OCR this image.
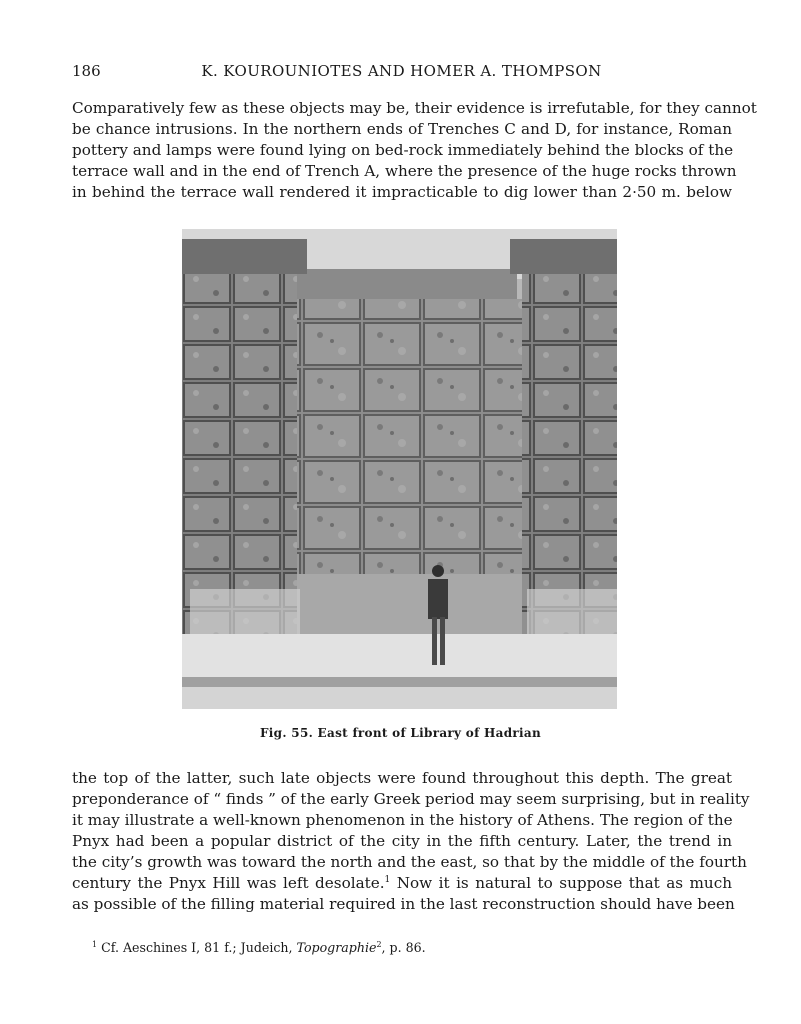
186	K. KOUROUNIOTES AND HOMER A. THOMPSON

Comparatively few as these objects may be, their evidence is irrefutable, for they cannot
be chance intrusions. In the northern ends of Trenches C and D, for instance, Roman
pottery and lamps were found lying on bed-rock immediately behind the blocks of the
terrace wall and in the end of Trench A, where the presence of the huge rocks thrown
in behind the terrace wall rendered it impracticable to dig lower than 2·50 m. below

Fig. 55. East front of Library of Hadrian

the top of the latter, such late objects were found throughout this depth. The great
preponderance of “ finds ” of the early Greek period may seem surprising, but in reality
it may illustrate a well-known phenomenon in the history of Athens. The region of the
Pnyx had been a popular district of the city in the fifth century. Later, the trend in
the city’s growth was toward the north and the east, so that by the middle of the fourth
century the Pnyx Hill was left desolate.$^1$ Now it is natural to suppose that as much
as possible of the filling material required in the last reconstruction should have been

$^1$ Cf. Aeschines I, 81 f.; Judeich, Topographie$^2$, p. 86.
